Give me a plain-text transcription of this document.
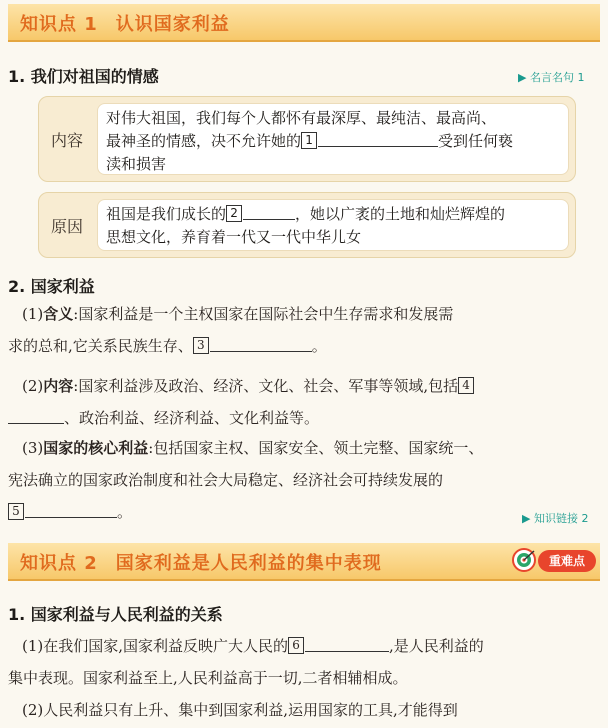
知识点 1 认识国家利益
1. 我们对祖国的情感	▶ 名言名句 1
内容
对伟大祖国，我们每个人都怀有最深厚、最纯洁、最高尚、
最神圣的情感，决不允许她的 1	受到任何亵
渎和损害
原因
祖国是我们成长的 2	，她以广袤的土地和灿烂辉煌的
思想文化，养育着一代又一代中华儿女
2. 国家利益
(1)含义:国家利益是一个主权国家在国际社会中生存需求和发展需
求的总和,它关系民族生存、 3	。
(2)内容:国家利益涉及政治、经济、文化、社会、军事等领域,包括 4
、政治利益、经济利益、文化利益等。
(3)国家的核心利益:包括国家主权、国家安全、领土完整、国家统一、
宪法确立的国家政治制度和社会大局稳定、经济社会可持续发展的
5	。	▶ 知识链接 2
知识点 2 国家利益是人民利益的集中表现	重难点
1. 国家利益与人民利益的关系
(1)在我们国家,国家利益反映广大人民的 6	,是人民利益的
集中表现。国家利益至上,人民利益高于一切,二者相辅相成。
(2)人民利益只有上升、集中到国家利益,运用国家的工具,才能得到
